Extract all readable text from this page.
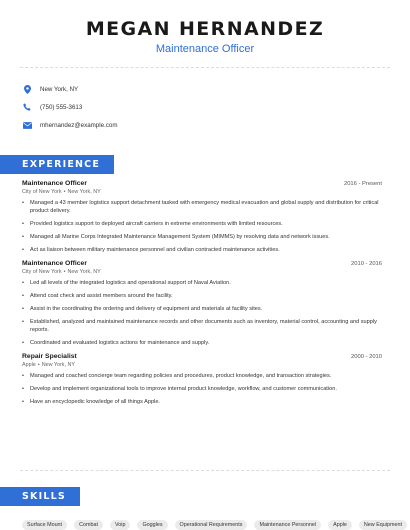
MEGAN HERNANDEZ
Maintenance Officer
New York, NY
(750) 555-3613
mhernandez@example.com
EXPERIENCE
Maintenance Officer	2016 - Present
City of New York • New York, NY
• Managed a 43 member logistics support detachment tasked with emergency medical evacuation and global supply and distribution for critical product delivery.
• Provided logistics support to deployed aircraft carriers in extreme environments with limited resources.
• Managed all Marine Corps Integrated Maintenance Management System (MIMMS) by resolving data and network issues.
• Act as liaison between military maintenance personnel and civilian contracted maintenance activities.
Maintenance Officer	2010 - 2016
City of New York • New York, NY
• Led all levels of the integrated logistics and operational support of Naval Aviation.
• Attend coat check and assist members around the facility.
• Assist in the coordinating the ordering and delivery of equipment and materials at facility sites.
• Established, analyzed and maintained maintenance records and other documents such as inventory, material control, accounting and supply reports.
• Coordinated and evaluated logistics actions for maintenance and supply.
Repair Specialist	2000 - 2010
Apple • New York, NY
• Managed and coached concierge team regarding policies and procedures, product knowledge, and transaction strategies.
• Develop and implement organizational tools to improve internal product knowledge, workflow, and customer communication.
• Have an encyclopedic knowledge of all things Apple.
SKILLS
Surface Mount	Combat	Voip	Goggles	Operational Requirements	Maintenance Personnel	Apple	New Equipment
